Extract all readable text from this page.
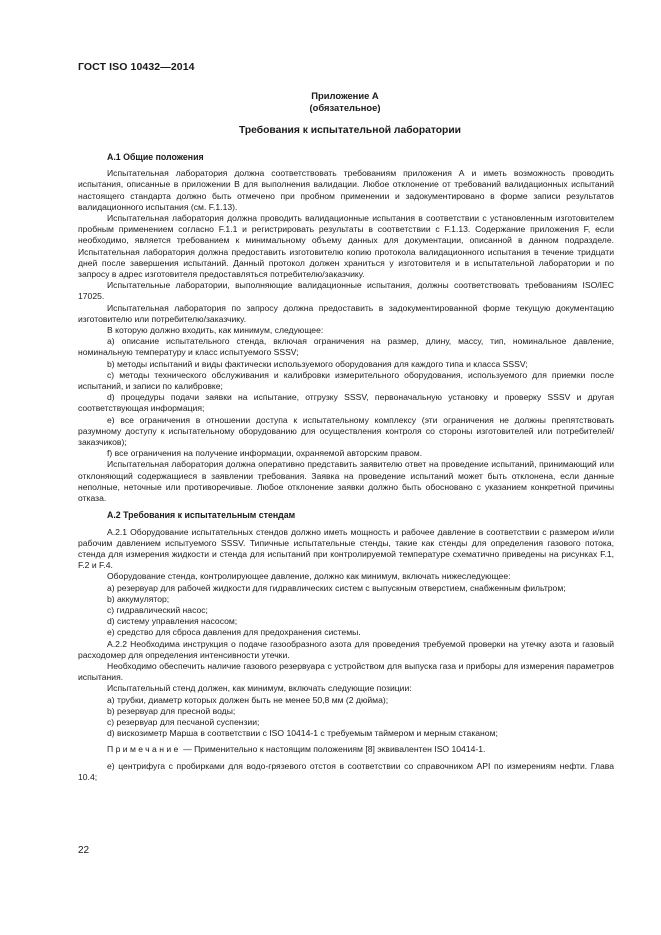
ГОСТ ISO 10432—2014
Приложение А
(обязательное)
Требования к испытательной лаборатории
А.1 Общие положения

Испытательная лаборатория должна соответствовать требованиям приложения А и иметь возможность проводить испытания, описанные в приложении В для выполнения валидации. Любое отклонение от требований валидационных испытаний настоящего стандарта должно быть отмечено при пробном применении и задокументировано в форме записи результатов валидационного испытания (см. F.1.13).

Испытательная лаборатория должна проводить валидационные испытания в соответствии с установленным изготовителем пробным применением согласно F.1.1 и регистрировать результаты в соответствии с F.1.13. Содержание приложения F, если необходимо, является требованием к минимальному объему данных для документации, описанной в данном подразделе. Испытательная лаборатория должна предоставить изготовителю копию протокола валидационного испытания в течение тридцати дней после завершения испытаний. Данный протокол должен храниться у изготовителя и в испытательной лаборатории и по запросу в адрес изготовителя предоставляться потребителю/заказчику.

Испытательные лаборатории, выполняющие валидационные испытания, должны соответствовать требованиям ISO/IEC 17025.

Испытательная лаборатория по запросу должна предоставить в задокументированной форме текущую документацию изготовителю или потребителю/заказчику.

В которую должно входить, как минимум, следующее:

а) описание испытательного стенда, включая ограничения на размер, длину, массу, тип, номинальное давление, номинальную температуру и класс испытуемого SSSV;

b) методы испытаний и виды фактически используемого оборудования для каждого типа и класса SSSV;

с) методы технического обслуживания и калибровки измерительного оборудования, используемого для приемки после испытаний, и записи по калибровке;

d) процедуры подачи заявки на испытание, отгрузку SSSV, первоначальную установку и проверку SSSV и другая соответствующая информация;

е) все ограничения в отношении доступа к испытательному комплексу (эти ограничения не должны препятствовать разумному доступу к испытательному оборудованию для осуществления контроля со стороны изготовителей или потребителей/заказчиков);

f) все ограничения на получение информации, охраняемой авторским правом.

Испытательная лаборатория должна оперативно представить заявителю ответ на проведение испытаний, принимающий или отклоняющий содержащиеся в заявлении требования. Заявка на проведение испытаний может быть отклонена, если данные неполные, неточные или противоречивые. Любое отклонение заявки должно быть обосновано с указанием конкретной причины отказа.

А.2 Требования к испытательным стендам

А.2.1 Оборудование испытательных стендов должно иметь мощность и рабочее давление в соответствии с размером и/или рабочим давлением испытуемого SSSV. Типичные испытательные стенды, такие как стенды для определения газового потока, стенда для измерения жидкости и стенда для испытаний при контролируемой температуре схематично приведены на рисунках F.1, F.2 и F.4.

Оборудование стенда, контролирующее давление, должно как минимум, включать нижеследующее:

а) резервуар для рабочей жидкости для гидравлических систем с выпускным отверстием, снабженным фильтром;

b) аккумулятор;

с) гидравлический насос;

d) систему управления насосом;

е) средство для сброса давления для предохранения системы.

А.2.2 Необходима инструкция о подаче газообразного азота для проведения требуемой проверки на утечку азота и газовый расходомер для определения интенсивности утечки.

Необходимо обеспечить наличие газового резервуара с устройством для выпуска газа и приборы для измерения параметров испытания.

Испытательный стенд должен, как минимум, включать следующие позиции:

а) трубки, диаметр которых должен быть не менее 50,8 мм (2 дюйма);

b) резервуар для пресной воды;

с) резервуар для песчаной суспензии;

d) вискозиметр Марша в соответствии с ISO 10414-1 с требуемым таймером и мерным стаканом;

Примечание — Применительно к настоящим положениям [8] эквивалентен ISO 10414-1.

е) центрифуга с пробирками для водо-грязевого отстоя в соответствии со справочником API по измерениям нефти. Глава 10.4;

22
